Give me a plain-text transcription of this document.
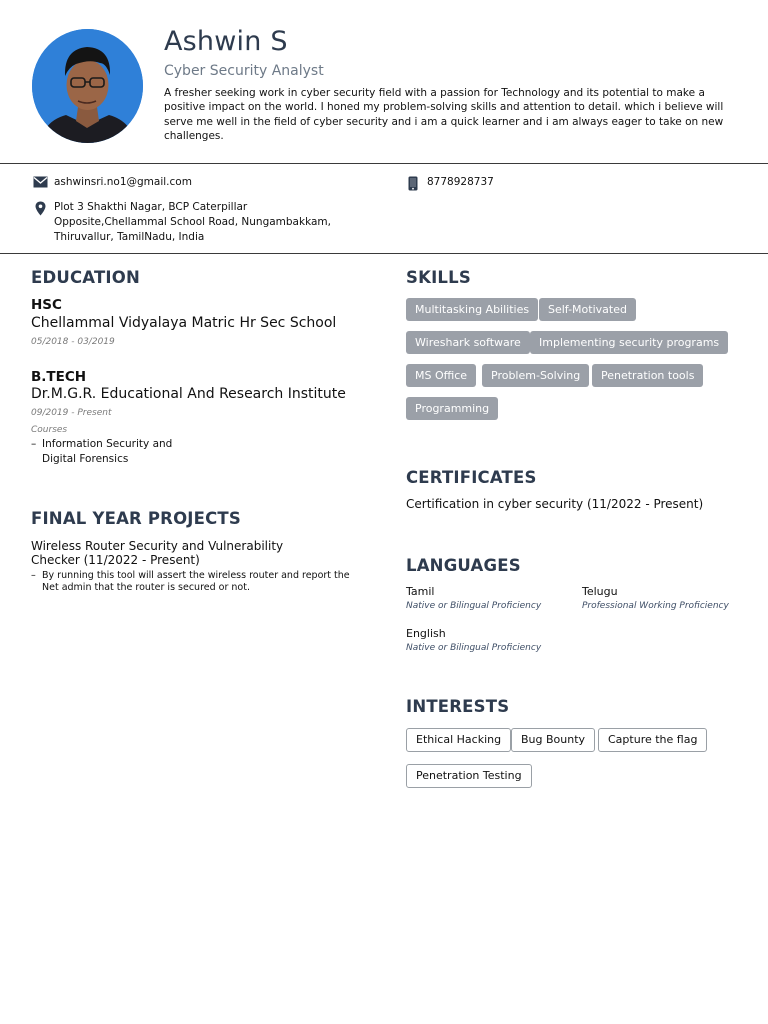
Ashwin S
Cyber Security Analyst
A fresher seeking work in cyber security field with a passion for Technology and its potential to make a positive impact on the world. I honed my problem-solving skills and attention to detail. which i believe will serve me well in the field of cyber security and i am a quick learner and i am always eager to take on new challenges.
ashwinsri.no1@gmail.com	8778928737
Plot 3 Shakthi Nagar, BCP Caterpillar Opposite,Chellammal School Road, Nungambakkam, Thiruvallur, TamilNadu, India
EDUCATION
HSC
Chellammal Vidyalaya Matric Hr Sec School
05/2018 - 03/2019
B.TECH
Dr.M.G.R. Educational And Research Institute
09/2019 - Present
Courses
– Information Security and Digital Forensics
FINAL YEAR PROJECTS
Wireless Router Security and Vulnerability Checker (11/2022 - Present)
– By running this tool will assert the wireless router and report the Net admin that the router is secured or not.
SKILLS
Multitasking Abilities	Self-Motivated
Wireshark software	Implementing security programs
MS Office	Problem-Solving	Penetration tools
Programming
CERTIFICATES
Certification in cyber security (11/2022 - Present)
LANGUAGES
Tamil
Native or Bilingual Proficiency
Telugu
Professional Working Proficiency
English
Native or Bilingual Proficiency
INTERESTS
Ethical Hacking	Bug Bounty	Capture the flag
Penetration Testing
